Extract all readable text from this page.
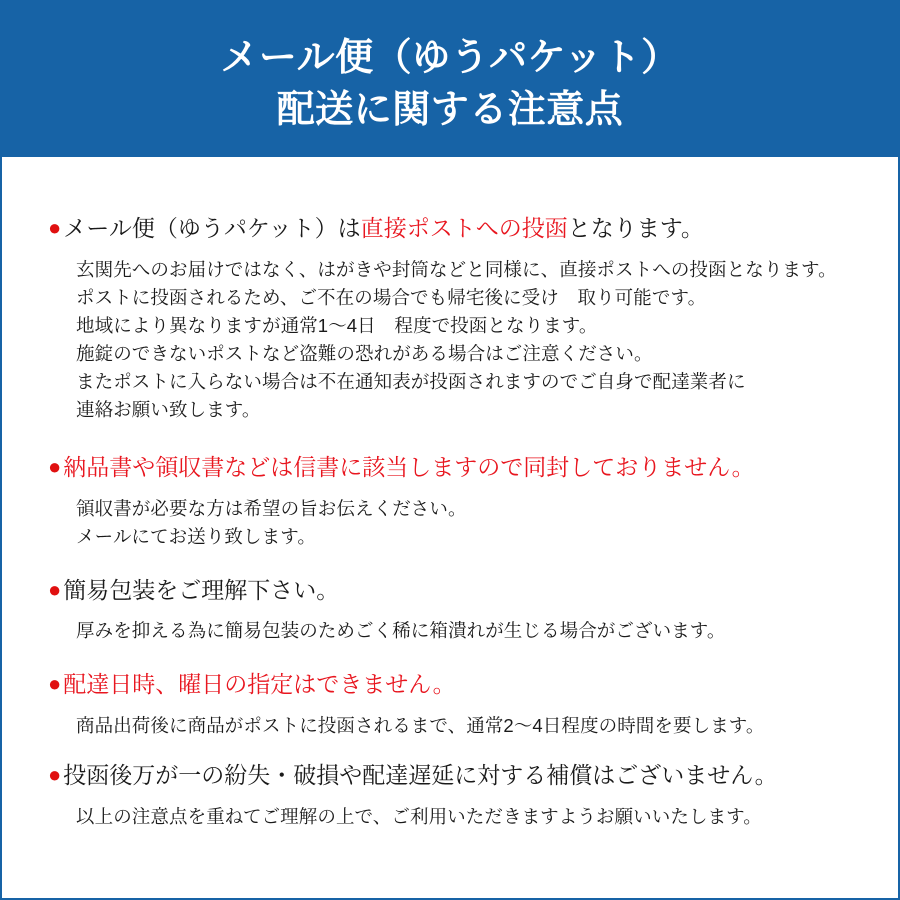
メール便（ゆうパケット）
配送に関する注意点
● メール便（ゆうパケット）は直接ポストへの投函となります。
玄関先へのお届けではなく、はがきや封筒などと同様に、直接ポストへの投函となります。
ポストに投函されるため、ご不在の場合でも帰宅後に受け　取り可能です。
地域により異なりますが通常1〜4日　程度で投函となります。
施錠のできないポストなど盗難の恐れがある場合はご注意ください。
またポストに入らない場合は不在通知表が投函されますのでご自身で配達業者に
連絡お願い致します。
● 納品書や領収書などは信書に該当しますので同封しておりません。
領収書が必要な方は希望の旨お伝えください。
メールにてお送り致します。
● 簡易包装をご理解下さい。
厚みを抑える為に簡易包装のためごく稀に箱潰れが生じる場合がございます。
● 配達日時、曜日の指定はできません。
商品出荷後に商品がポストに投函されるまで、通常2〜4日程度の時間を要します。
● 投函後万が一の紛失・破損や配達遅延に対する補償はございません。
以上の注意点を重ねてご理解の上で、ご利用いただきますようお願いいたします。
